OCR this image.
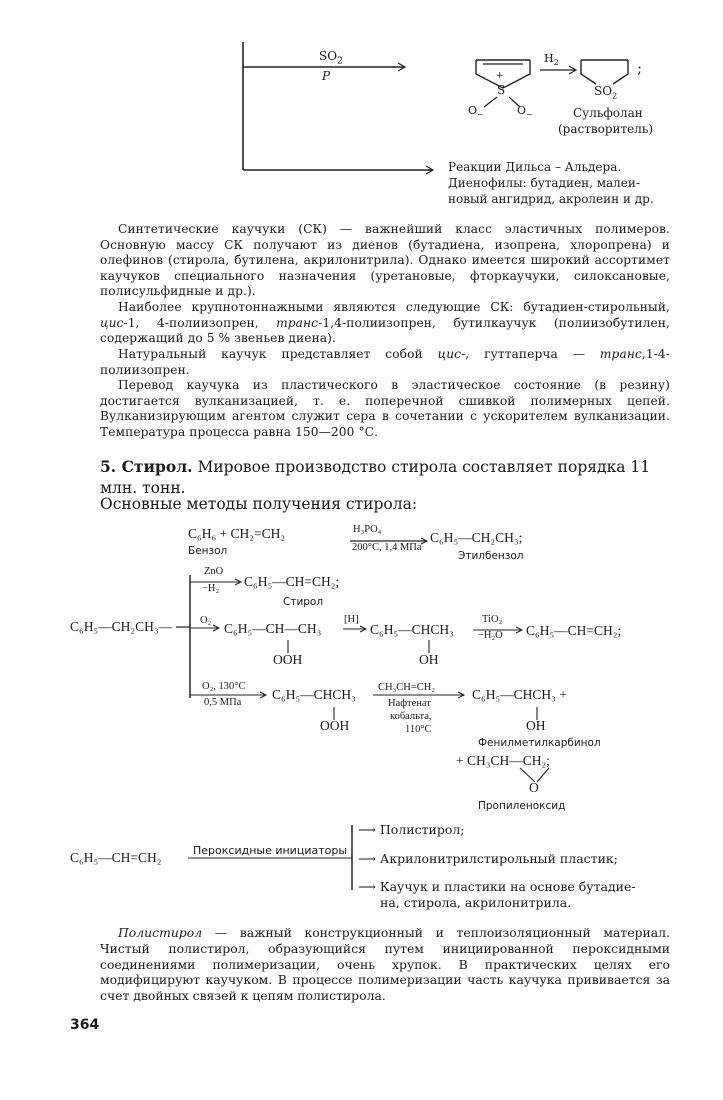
$SO_2$
P
$H_2$	;
S
+
$O_-$	$O_-$
$SO_2$
Сульфолан
(растворитель)
Реакции Дильса – Альдера.
Диенофилы: бутадиен, малеи-
новый ангидрид, акролеин и др.
Синтетические каучуки (СК) — важнейший класс эластичных полимеров. Основную массу СК получают из диенов (бутадиена, изопрена, хлоропрена) и олефинов (стирола, бутилена, акрилонитрила). Однако имеется широкий ассортимет каучуков специального назначения (уретановые, фторкаучуки, силоксановые, полисульфидные и др.).
Наиболее крупнотоннажными являются следующие СК: бутадиен-стирольный, цис-1, 4-полиизопрен, транс-1,4-полиизопрен, бутилкаучук (полиизобутилен, содержащий до 5 % звеньев диена).
Натуральный каучук представляет собой цис-, гуттаперча — транс,1-4-полиизопрен.
Перевод каучука из пластического в эластическое состояние (в резину) достигается вулканизацией, т. е. поперечной сшивкой полимерных цепей. Вулканизирующим агентом служит сера в сочетании с ускорителем вулканизации. Температура процесса равна 150—200 °С.
5. Стирол. Мировое производство стирола составляет порядка 11 млн. тонн.
Основные методы получения стирола:
C₆H₆ + CH₂=CH₂	H₃PO₄
200°C, 1,4 МПа
C₆H₅—CH₂CH₃;
Бензол	Этилбензол
C₆H₅—CH₂CH₃—
ZnO
−H₂ C₆H₅—CH=CH₂;
Стирол
O₂
C₆H₅—CH—CH₃
OOH
[H]
C₆H₅—CHCH₃
OH
TiO₂
−H₂O C₆H₅—CH=CH₂;
O₂, 130°C
0,5 МПа
C₆H₅—CHCH₃
OOH
CH₃CH=CH₂
Нафтенат
кобальта,
110°C
C₆H₅—CHCH₃ +
OH
Фенилметилкарбинол
+ CH₃CH—CH₂;
O
Пропиленоксид
C₆H₅—CH=CH₂	Пероксидные инициаторы
⟶ Полистирол;
⟶ Акрилонитрилстирольный пластик;
⟶ Каучук и пластики на основе бутадие-
на, стирола, акрилонитрила.
Полистирол — важный конструкционный и теплоизоляционный материал. Чистый полистирол, образующийся путем инициированной пероксидными соединениями полимеризации, очень хрупок. В практических целях его модифицируют каучуком. В процессе полимеризации часть каучука прививается за счет двойных связей к цепям полистирола.
364
